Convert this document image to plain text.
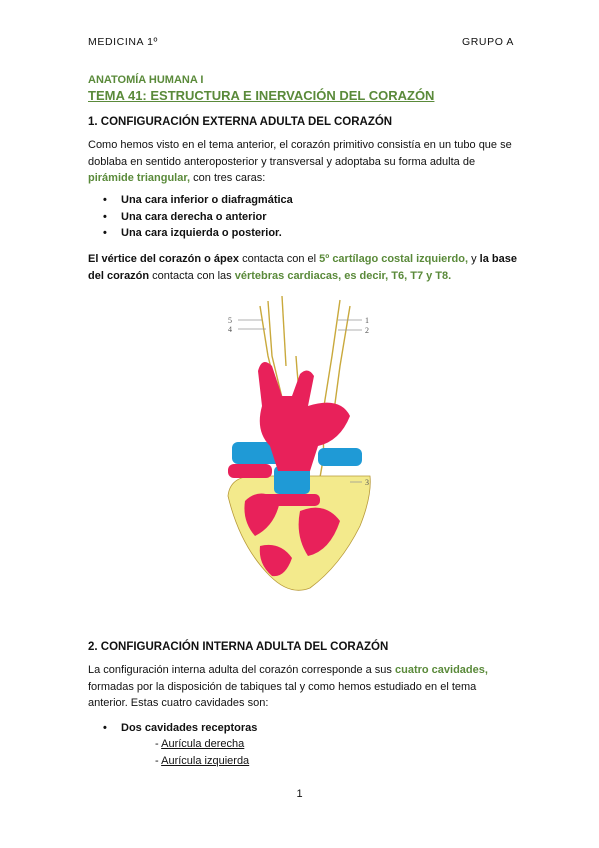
MEDICINA 1º	GRUPO A
ANATOMÍA HUMANA I
TEMA 41: ESTRUCTURA E INERVACIÓN DEL CORAZÓN
1. CONFIGURACIÓN EXTERNA ADULTA DEL CORAZÓN
Como hemos visto en el tema anterior, el corazón primitivo consistía en un tubo que se doblaba en sentido anteroposterior y transversal y adoptaba su forma adulta de pirámide triangular, con tres caras:
• Una cara inferior o diafragmática
• Una cara derecha o anterior
• Una cara izquierda o posterior.
El vértice del corazón o ápex contacta con el 5º cartílago costal izquierdo, y la base del corazón contacta con las vértebras cardiacas, es decir, T6, T7 y T8.
5
4
1
2
3
2. CONFIGURACIÓN INTERNA ADULTA DEL CORAZÓN
La configuración interna adulta del corazón corresponde a sus cuatro cavidades, formadas por la disposición de tabiques tal y como hemos estudiado en el tema anterior. Estas cuatro cavidades son:
• Dos cavidades receptoras
- Aurícula derecha
- Aurícula izquierda
1
